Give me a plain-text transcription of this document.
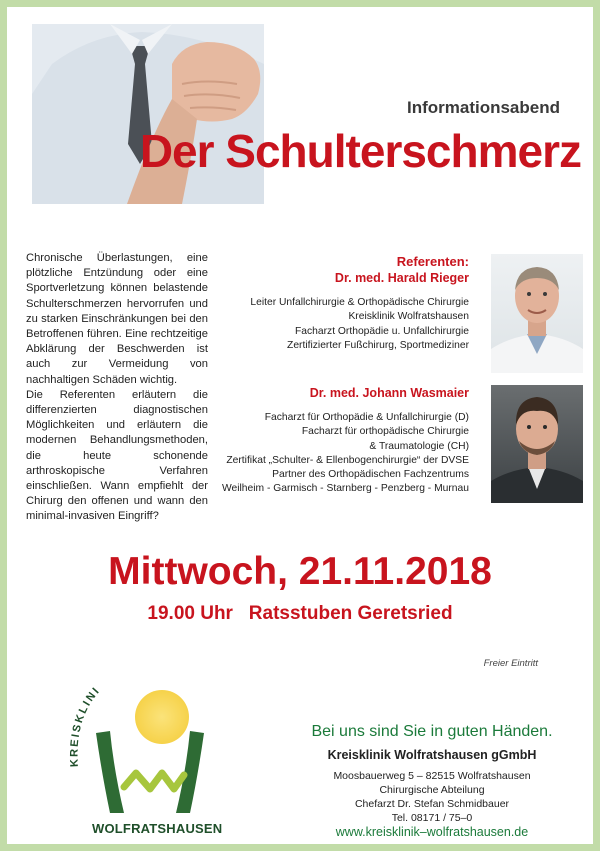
Informationsabend
Der Schulterschmerz

Chronische Überlastungen, eine plötzliche Entzündung oder eine Sportverletzung können belastende Schulterschmerzen hervorrufen und zu starken Einschränkungen bei den Betroffenen führen. Eine rechtzeitige Abklärung der Beschwerden ist auch zur Vermeidung von nachhaltigen Schäden wichtig.

Die Referenten erläutern die differenzierten diagnostischen Möglichkeiten und erläutern die modernen Behandlungsmethoden, die heute schonende arthroskopische Verfahren einschließen. Wann empfiehlt der Chirurg den offenen und wann den minimal-invasiven Eingriff?

Referenten:
Dr. med. Harald Rieger
Leiter Unfallchirurgie & Orthopädische Chirurgie
Kreisklinik Wolfratshausen
Facharzt Orthopädie u. Unfallchirurgie
Zertifizierter Fußchirurg, Sportmediziner
Dr. med. Johann Wasmaier
Facharzt für Orthopädie & Unfallchirurgie (D)
Facharzt für orthopädische Chirurgie
& Traumatologie (CH)
Zertifikat „Schulter- & Ellenbogenchirurgie“ der DVSE
Partner des Orthopädischen Fachzentrums
Weilheim - Garmisch - Starnberg - Penzberg - Murnau
Mittwoch, 21.11.2018
19.00 Uhr   Ratsstuben Geretsried
Freier Eintritt
KREISKLINI
WOLFRATSHAUSEN
Bei uns sind Sie in guten Händen.
Kreisklinik Wolfratshausen gGmbH
Moosbauerweg 5 – 82515 Wolfratshausen
Chirurgische Abteilung
Chefarzt Dr. Stefan Schmidbauer
Tel. 08171 / 75–0
www.kreisklinik–wolfratshausen.de
